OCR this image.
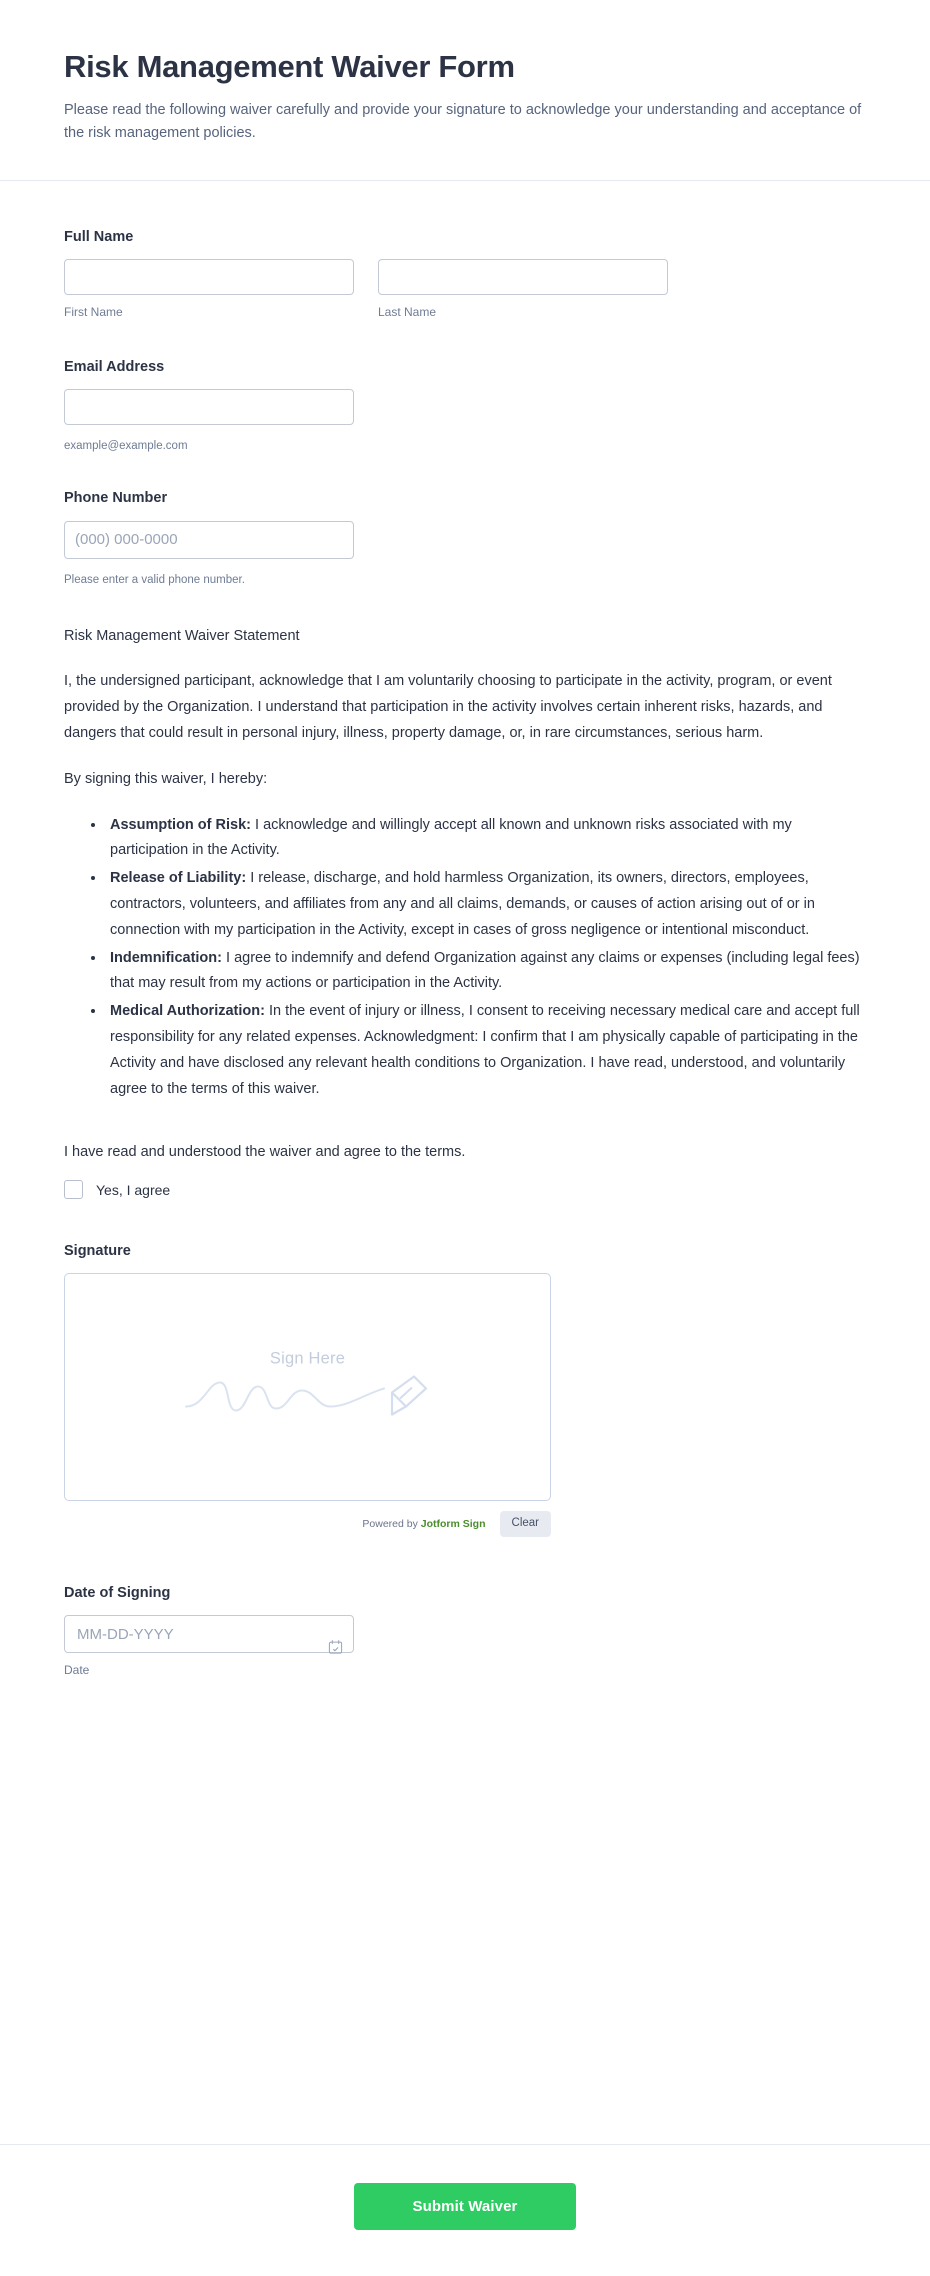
Risk Management Waiver Form

Please read the following waiver carefully and provide your signature to acknowledge your understanding and acceptance of the risk management policies.

Full Name
First Name	Last Name
Email Address
example@example.com
Phone Number
(000) 000-0000
Please enter a valid phone number.

Risk Management Waiver Statement

I, the undersigned participant, acknowledge that I am voluntarily choosing to participate in the activity, program, or event provided by the Organization. I understand that participation in the activity involves certain inherent risks, hazards, and dangers that could result in personal injury, illness, property damage, or, in rare circumstances, serious harm.

By signing this waiver, I hereby:

• Assumption of Risk: I acknowledge and willingly accept all known and unknown risks associated with my participation in the Activity.
• Release of Liability: I release, discharge, and hold harmless Organization, its owners, directors, employees, contractors, volunteers, and affiliates from any and all claims, demands, or causes of action arising out of or in connection with my participation in the Activity, except in cases of gross negligence or intentional misconduct.
• Indemnification: I agree to indemnify and defend Organization against any claims or expenses (including legal fees) that may result from my actions or participation in the Activity.
• Medical Authorization: In the event of injury or illness, I consent to receiving necessary medical care and accept full responsibility for any related expenses. Acknowledgment: I confirm that I am physically capable of participating in the Activity and have disclosed any relevant health conditions to Organization. I have read, understood, and voluntarily agree to the terms of this waiver.
I have read and understood the waiver and agree to the terms.
Yes, I agree
Signature
Sign Here
Powered by Jotform Sign	Clear
Date of Signing
MM-DD-YYYY
Date
Submit Waiver
